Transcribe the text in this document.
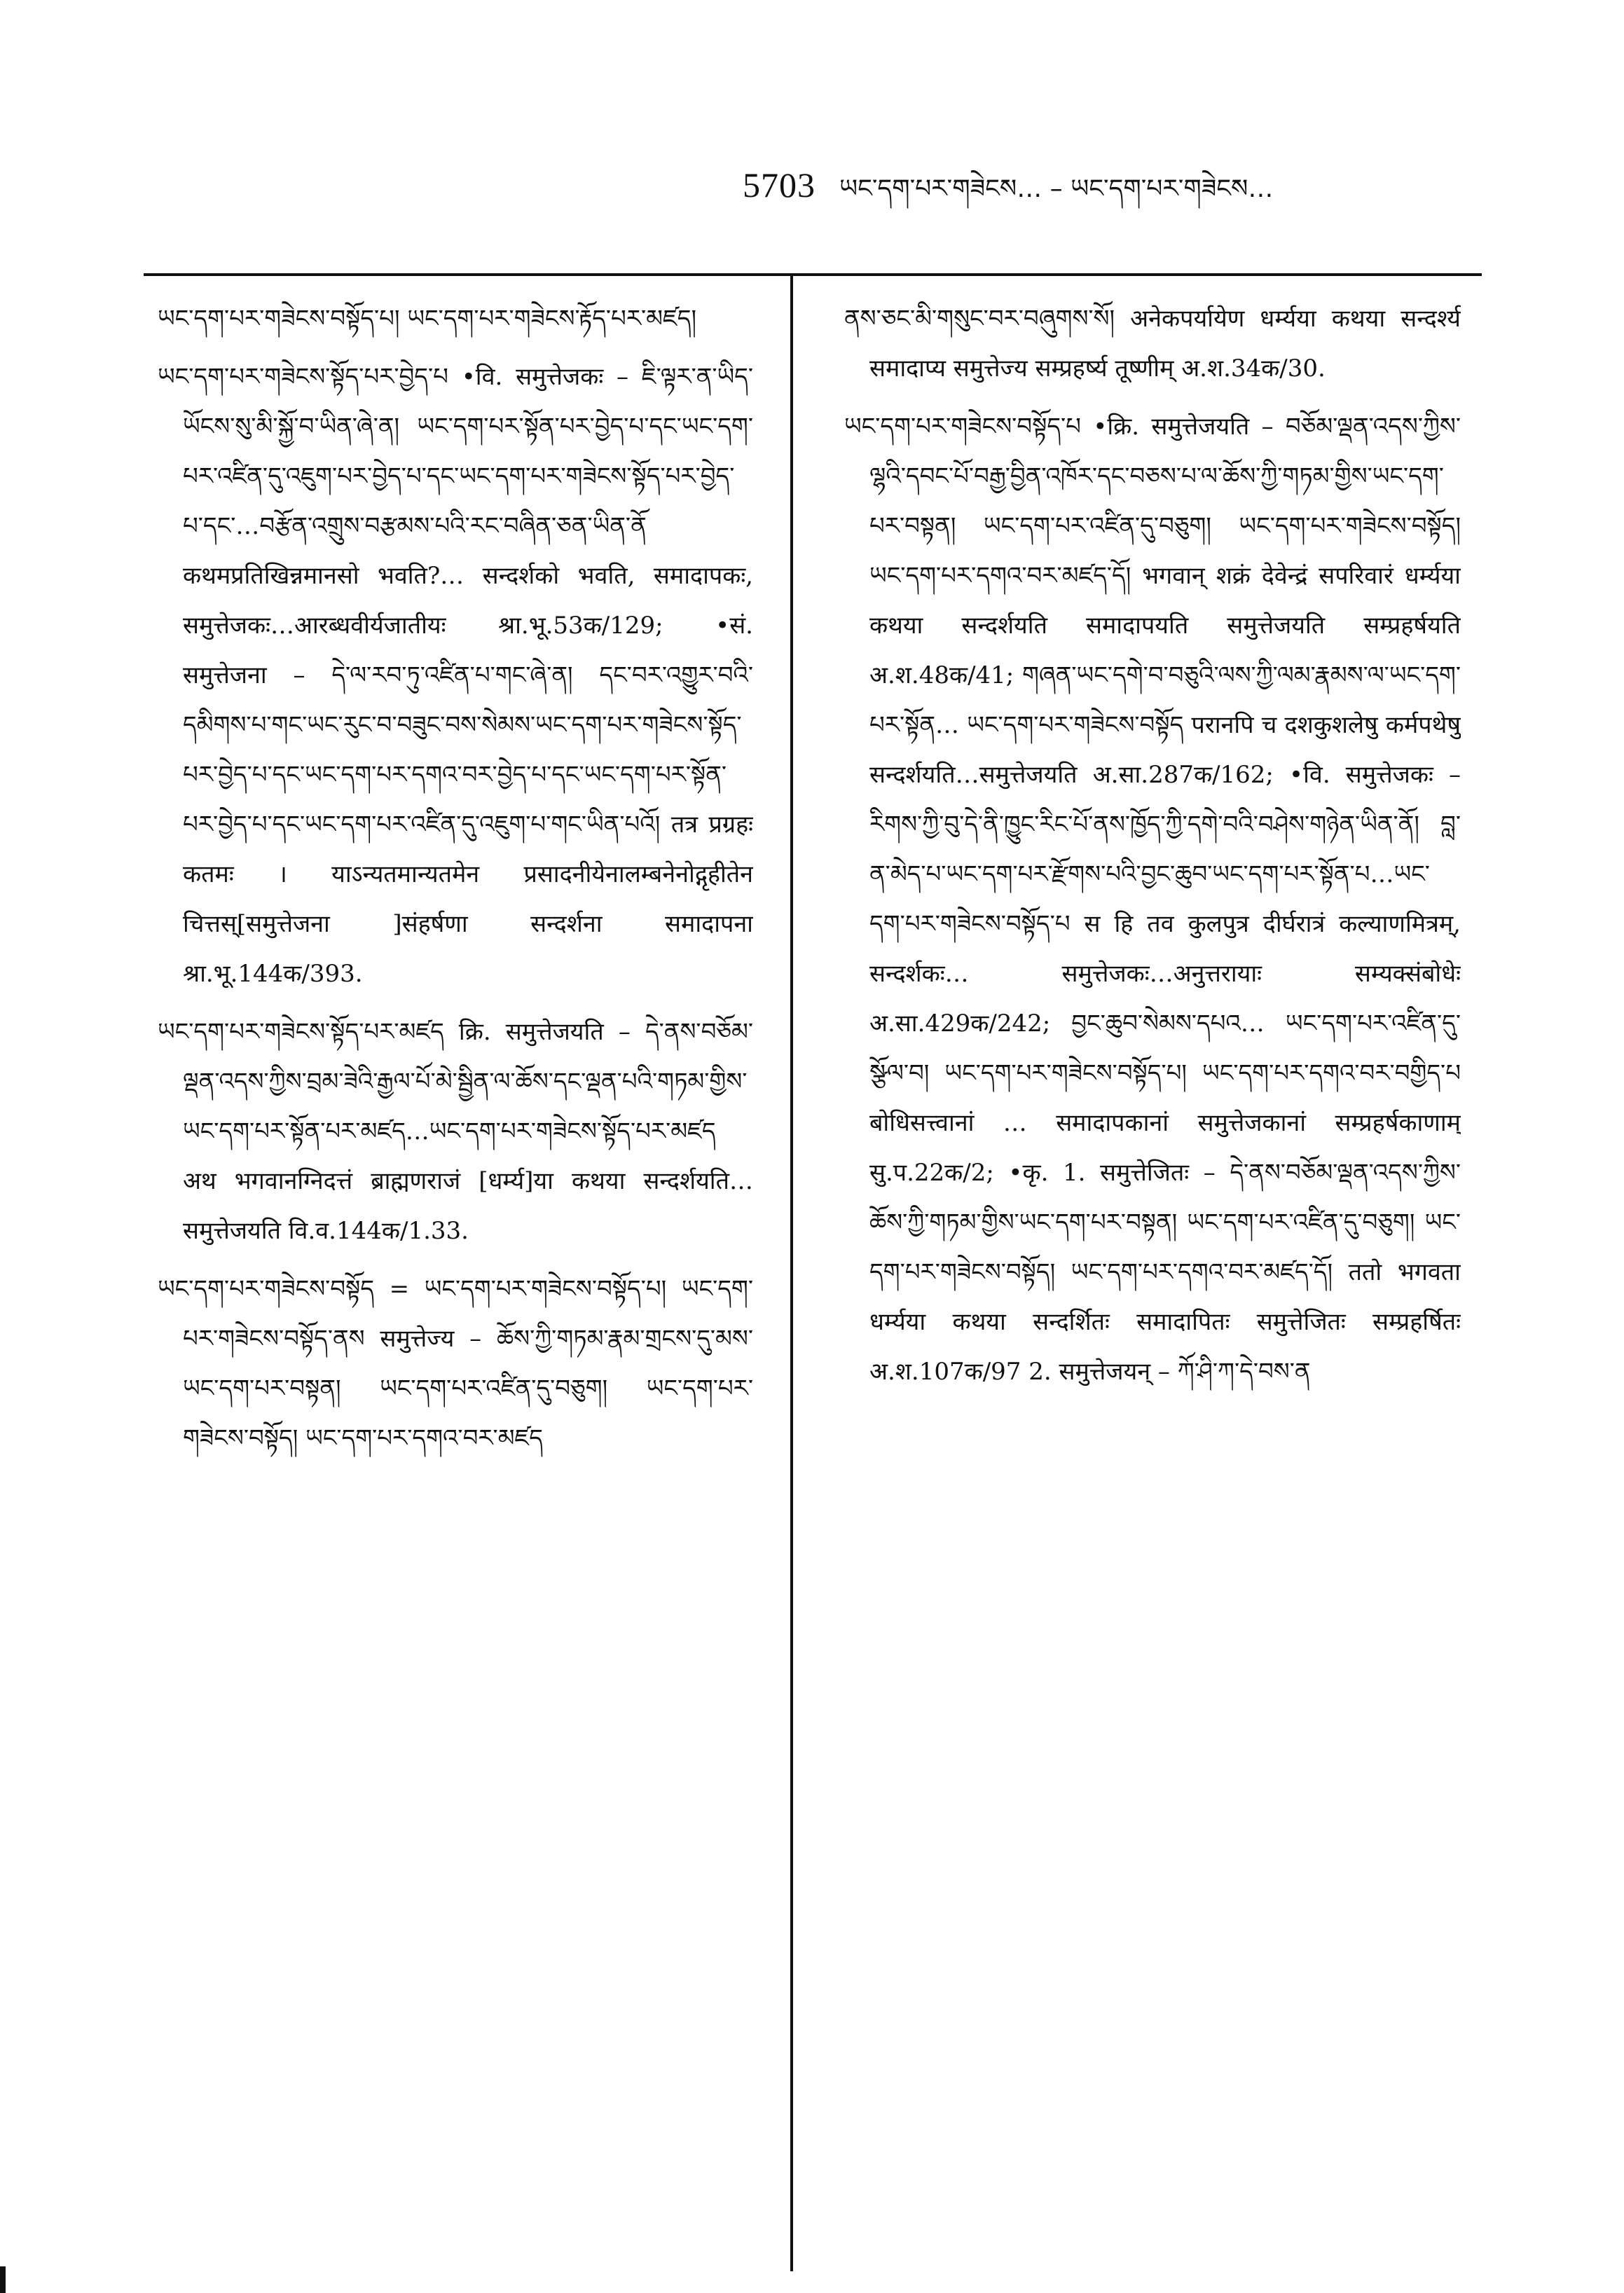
5703 ཡང་དག་པར་གཟེངས… – ཡང་དག་པར་གཟེངས…

ཡང་དག་པར་གཟེངས་བསྟོད་པ། ཡང་དག་པར་གཟེངས་རྟོད་པར་མཛད།

ཡང་དག་པར་གཟེངས་སྟོད་པར་བྱེད་པ •वि. समुत्तेजकः – ཇི་ལྟར་ན་ཡིད་ཡོངས་སུ་མི་སྐྱོ་བ་ཡིན་ཞེ་ན། ཡང་དག་པར་སྟོན་པར་བྱེད་པ་དང་ཡང་དག་པར་འཛིན་དུ་འཇུག་པར་བྱེད་པ་དང་ཡང་དག་པར་གཟེངས་སྟོད་པར་བྱེད་པ་དང་…བརྩོན་འགྲུས་བརྩམས་པའི་རང་བཞིན་ཅན་ཡིན་ནོ कथमप्रतिखिन्नमानसो भवति?… सन्दर्शको भवति, समादापकः, समुत्तेजकः…आरब्धवीर्यजातीयः श्रा.भू.53क/129; •सं. समुत्तेजना – དེ་ལ་རབ་ཏུ་འཛིན་པ་གང་ཞེ་ན། དང་བར་འགྱུར་བའི་དམིགས་པ་གང་ཡང་རུང་བ་བཟུང་བས་སེམས་ཡང་དག་པར་གཟེངས་སྟོད་པར་བྱེད་པ་དང་ཡང་དག་པར་དགའ་བར་བྱེད་པ་དང་ཡང་དག་པར་སྟོན་པར་བྱེད་པ་དང་ཡང་དག་པར་འཛིན་དུ་འཇུག་པ་གང་ཡིན་པའོ། तत्र प्रग्रहः कतमः । याऽन्यतमान्यतमेन प्रसादनीयेनालम्बनेनोद्गृहीतेन चित्तस्[समुत्तेजना ]संहर्षणा सन्दर्शना समादापना श्रा.भू.144क/393.

ཡང་དག་པར་གཟེངས་སྟོད་པར་མཛད क्रि. समुत्तेजयति – དེ་ནས་བཅོམ་ལྡན་འདས་ཀྱིས་བྲམ་ཟེའི་རྒྱལ་པོ་མེ་སྦྱིན་ལ་ཆོས་དང་ལྡན་པའི་གཏམ་གྱིས་ཡང་དག་པར་སྟོན་པར་མཛད…ཡང་དག་པར་གཟེངས་སྟོད་པར་མཛད अथ भगवानग्निदत्तं ब्राह्मणराजं [धर्म्य]या कथया सन्दर्शयति…समुत्तेजयति वि.व.144क/1.33.

ཡང་དག་པར་གཟེངས་བསྟོད = ཡང་དག་པར་གཟེངས་བསྟོད་པ། ཡང་དག་པར་གཟེངས་བསྟོད་ནས समुत्तेज्य – ཆོས་ཀྱི་གཏམ་རྣམ་གྲངས་དུ་མས་ཡང་དག་པར་བསྟན། ཡང་དག་པར་འཛིན་དུ་བཅུག། ཡང་དག་པར་གཟེངས་བསྟོད། ཡང་དག་པར་དགའ་བར་མཛད

ནས་ཅང་མི་གསུང་བར་བཞུགས་སོ། अनेकपर्यायेण धर्म्यया कथया सन्दर्श्य समादाप्य समुत्तेज्य सम्प्रहर्ष्य तूष्णीम् अ.श.34क/30.

ཡང་དག་པར་གཟེངས་བསྟོད་པ •क्रि. समुत्तेजयति – བཅོམ་ལྡན་འདས་ཀྱིས་ལྷའི་དབང་པོ་བརྒྱ་བྱིན་འཁོར་དང་བཅས་པ་ལ་ཆོས་ཀྱི་གཏམ་གྱིས་ཡང་དག་པར་བསྟན། ཡང་དག་པར་འཛིན་དུ་བཅུག། ཡང་དག་པར་གཟེངས་བསྟོད། ཡང་དག་པར་དགའ་བར་མཛད་དོ། भगवान् शक्रं देवेन्द्रं सपरिवारं धर्म्यया कथया सन्दर्शयति समादापयति समुत्तेजयति सम्प्रहर्षयति अ.श.48क/41; གཞན་ཡང་དགེ་བ་བཅུའི་ལས་ཀྱི་ལམ་རྣམས་ལ་ཡང་དག་པར་སྟོན… ཡང་དག་པར་གཟེངས་བསྟོད परानपि च दशकुशलेषु कर्मपथेषु सन्दर्शयति…समुत्तेजयति अ.सा.287क/162; •वि. समुत्तेजकः – རིགས་ཀྱི་བུ་དེ་ནི་ཁྱུང་རིང་པོ་ནས་ཁྱོད་ཀྱི་དགེ་བའི་བཤེས་གཉེན་ཡིན་ནོ། བླ་ན་མེད་པ་ཡང་དག་པར་རྫོགས་པའི་བྱང་ཆུབ་ཡང་དག་པར་སྟོན་པ…ཡང་དག་པར་གཟེངས་བསྟོད་པ स हि तव कुलपुत्र दीर्घरात्रं कल्याणमित्रम्, सन्दर्शकः… समुत्तेजकः…अनुत्तरायाः सम्यक्संबोधेः अ.सा.429क/242; བྱང་ཆུབ་སེམས་དཔའ… ཡང་དག་པར་འཛིན་དུ་སྩོལ་བ། ཡང་དག་པར་གཟེངས་བསྟོད་པ། ཡང་དག་པར་དགའ་བར་བགྱིད་པ बोधिसत्त्वानां … समादापकानां समुत्तेजकानां सम्प्रहर्षकाणाम् सु.प.22क/2; •कृ. 1. समुत्तेजितः – དེ་ནས་བཅོམ་ལྡན་འདས་ཀྱིས་ཆོས་ཀྱི་གཏམ་གྱིས་ཡང་དག་པར་བསྟན། ཡང་དག་པར་འཛིན་དུ་བཅུག། ཡང་དག་པར་གཟེངས་བསྟོད། ཡང་དག་པར་དགའ་བར་མཛད་དོ། ततो भगवता धर्म्यया कथया सन्दर्शितः समादापितः समुत्तेजितः सम्प्रहर्षितः अ.श.107क/97 2. समुत्तेजयन् – ཀོ་ཤི་ཀ་དེ་བས་ན
